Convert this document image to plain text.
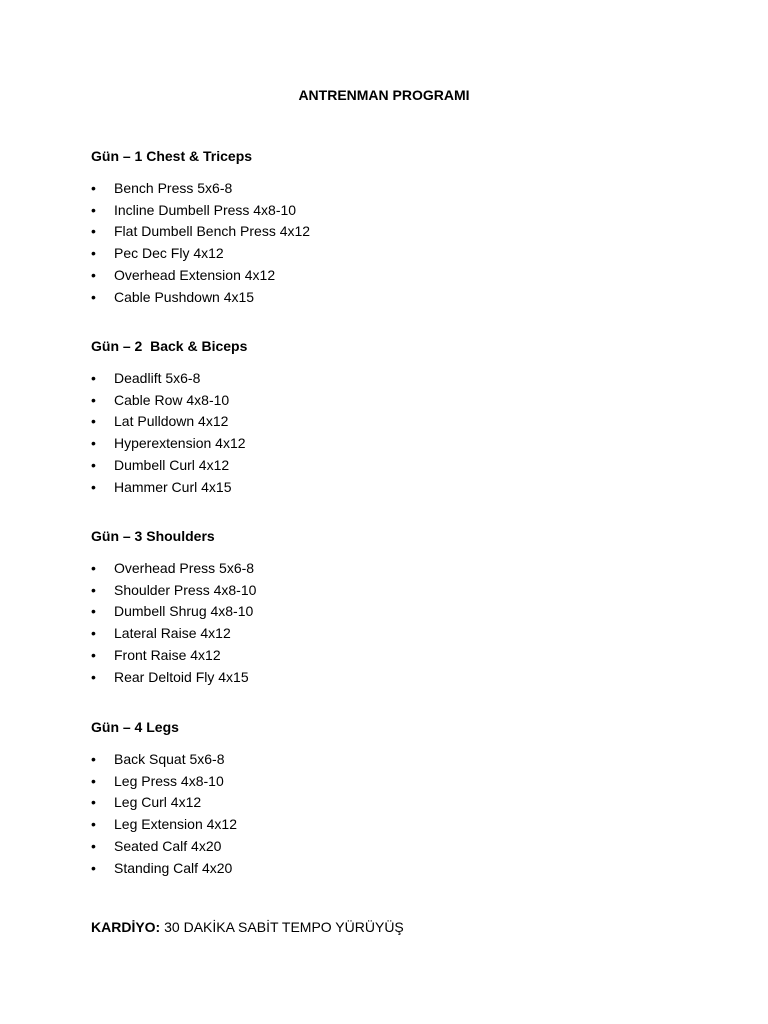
ANTRENMAN PROGRAMI

Gün – 1 Chest & Triceps

• Bench Press 5x6-8
• Incline Dumbell Press 4x8-10
• Flat Dumbell Bench Press 4x12
• Pec Dec Fly 4x12
• Overhead Extension 4x12
• Cable Pushdown 4x15

Gün – 2  Back & Biceps

• Deadlift 5x6-8
• Cable Row 4x8-10
• Lat Pulldown 4x12
• Hyperextension 4x12
• Dumbell Curl 4x12
• Hammer Curl 4x15

Gün – 3 Shoulders

• Overhead Press 5x6-8
• Shoulder Press 4x8-10
• Dumbell Shrug 4x8-10
• Lateral Raise 4x12
• Front Raise 4x12
• Rear Deltoid Fly 4x15

Gün – 4 Legs

• Back Squat 5x6-8
• Leg Press 4x8-10
• Leg Curl 4x12
• Leg Extension 4x12
• Seated Calf 4x20
• Standing Calf 4x20
KARDİYO: 30 DAKİKA SABİT TEMPO YÜRÜYÜŞ
